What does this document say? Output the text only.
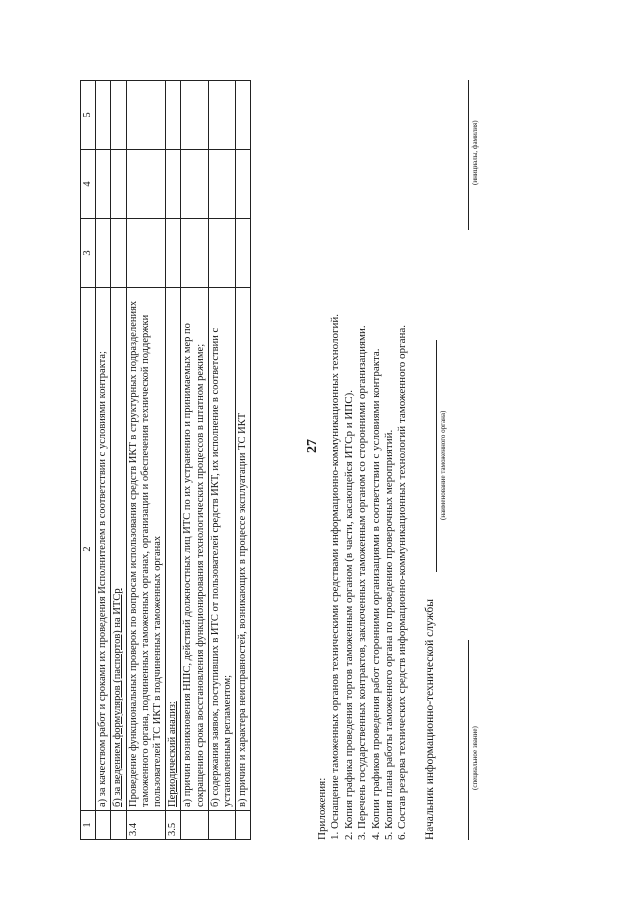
27
1	2	3	4	5
	а) за качеством работ и сроками их проведения Исполнителем в соответствии с условиями контракта;			
	б) за ведением формуляров (паспортов) на ИТСр			
3.4	Проведение функциональных проверок по вопросам использования средств ИКТ в структурных подразделениях таможенного органа, подчиненных таможенных органах, организации и обеспечения технической поддержки пользователей ТС ИКТ в подчиненных таможенных органах			
3.5	Периодический анализ:			
	а) причин возникновения НШС, действий должностных лиц ИТС по их устранению и принимаемых мер по сокращению срока восстановления функционирования технологических процессов в штатном режиме;			
	б) содержания заявок, поступивших в ИТС от пользователей средств ИКТ, их исполнение в соответствии с установленным регламентом;			
	в) причин и характера неисправностей, возникающих в процессе эксплуатации ТС ИКТ			
Приложения: 1. Оснащение таможенных органов техническими средствами информационно-коммуникационных технологий. 2. Копия графика проведения торгов таможенным органом (в части, касающейся ИТСр и ИПС). 3. Перечень государственных контрактов, заключенных таможенным органом со сторонними организациями. 4. Копии графиков проведения работ сторонними организациями в соответствии с условиями контракта. 5. Копия плана работы таможенного органа по проведению проверочных мероприятий. 6. Состав резерва технических средств информационно-коммуникационных технологий таможенного органа. Начальник информационно-технической службы
(наименование таможенного органа)
(специальное звание)
(инициалы, фамилия)
